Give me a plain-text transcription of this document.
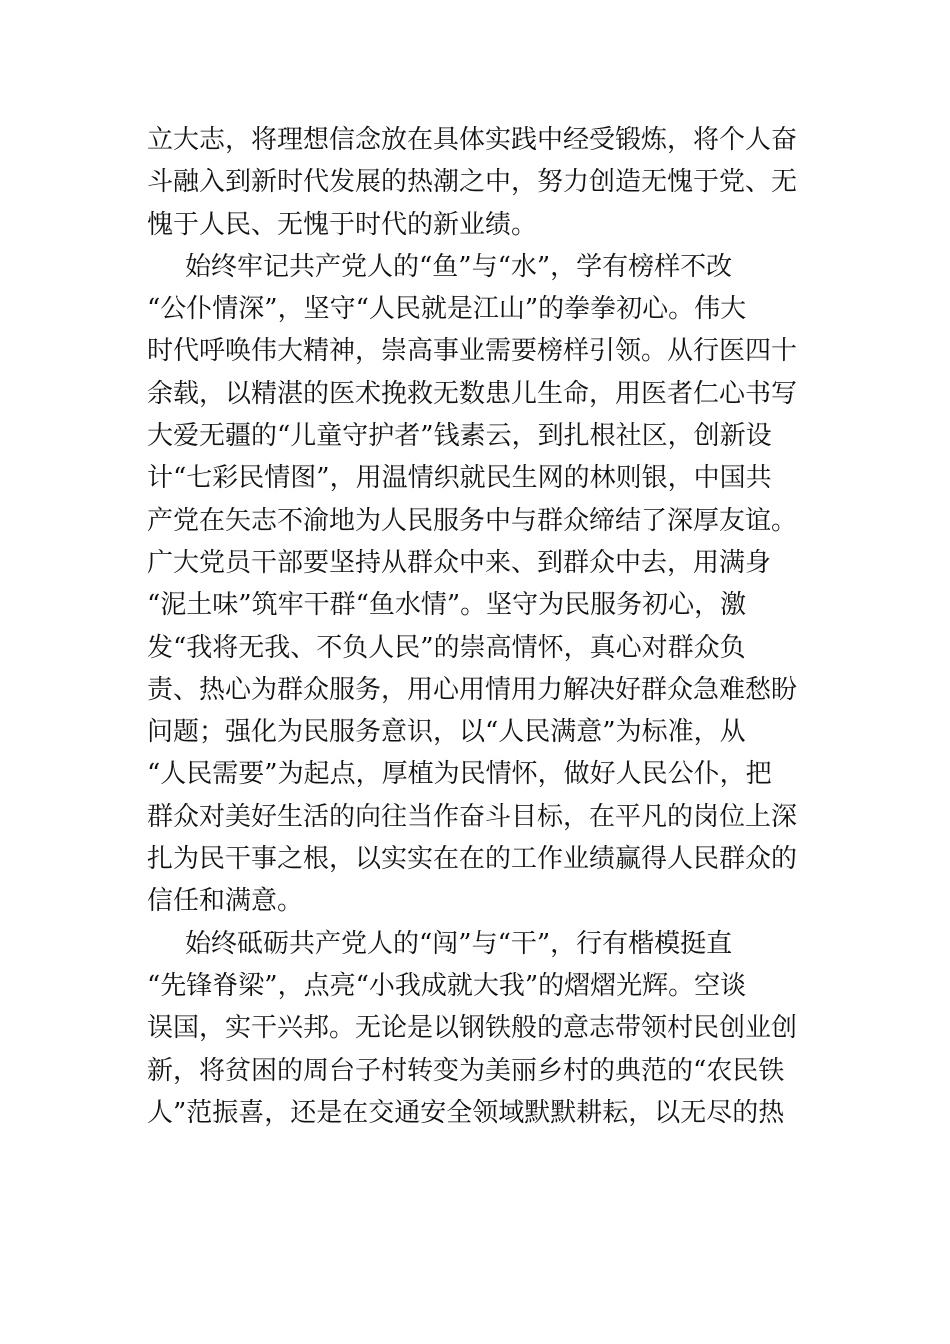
立大志，将理想信念放在具体实践中经受锻炼，将个人奋
斗融入到新时代发展的热潮之中，努力创造无愧于党、无
愧于人民、无愧于时代的新业绩。
始终牢记共产党人的“鱼”与“水”，学有榜样不改
“公仆情深”，坚守“人民就是江山”的拳拳初心。伟大
时代呼唤伟大精神，崇高事业需要榜样引领。从行医四十
余载，以精湛的医术挽救无数患儿生命，用医者仁心书写
大爱无疆的“儿童守护者”钱素云，到扎根社区，创新设
计“七彩民情图”，用温情织就民生网的林则银，中国共
产党在矢志不渝地为人民服务中与群众缔结了深厚友谊。
广大党员干部要坚持从群众中来、到群众中去，用满身
“泥土味”筑牢干群“鱼水情”。坚守为民服务初心，激
发“我将无我、不负人民”的崇高情怀，真心对群众负
责、热心为群众服务，用心用情用力解决好群众急难愁盼
问题；强化为民服务意识，以“人民满意”为标准，从
“人民需要”为起点，厚植为民情怀，做好人民公仆，把
群众对美好生活的向往当作奋斗目标，在平凡的岗位上深
扎为民干事之根，以实实在在的工作业绩赢得人民群众的
信任和满意。
始终砥砺共产党人的“闯”与“干”，行有楷模挺直
“先锋脊梁”，点亮“小我成就大我”的熠熠光辉。空谈
误国，实干兴邦。无论是以钢铁般的意志带领村民创业创
新，将贫困的周台子村转变为美丽乡村的典范的“农民铁
人”范振喜，还是在交通安全领域默默耕耘，以无尽的热
